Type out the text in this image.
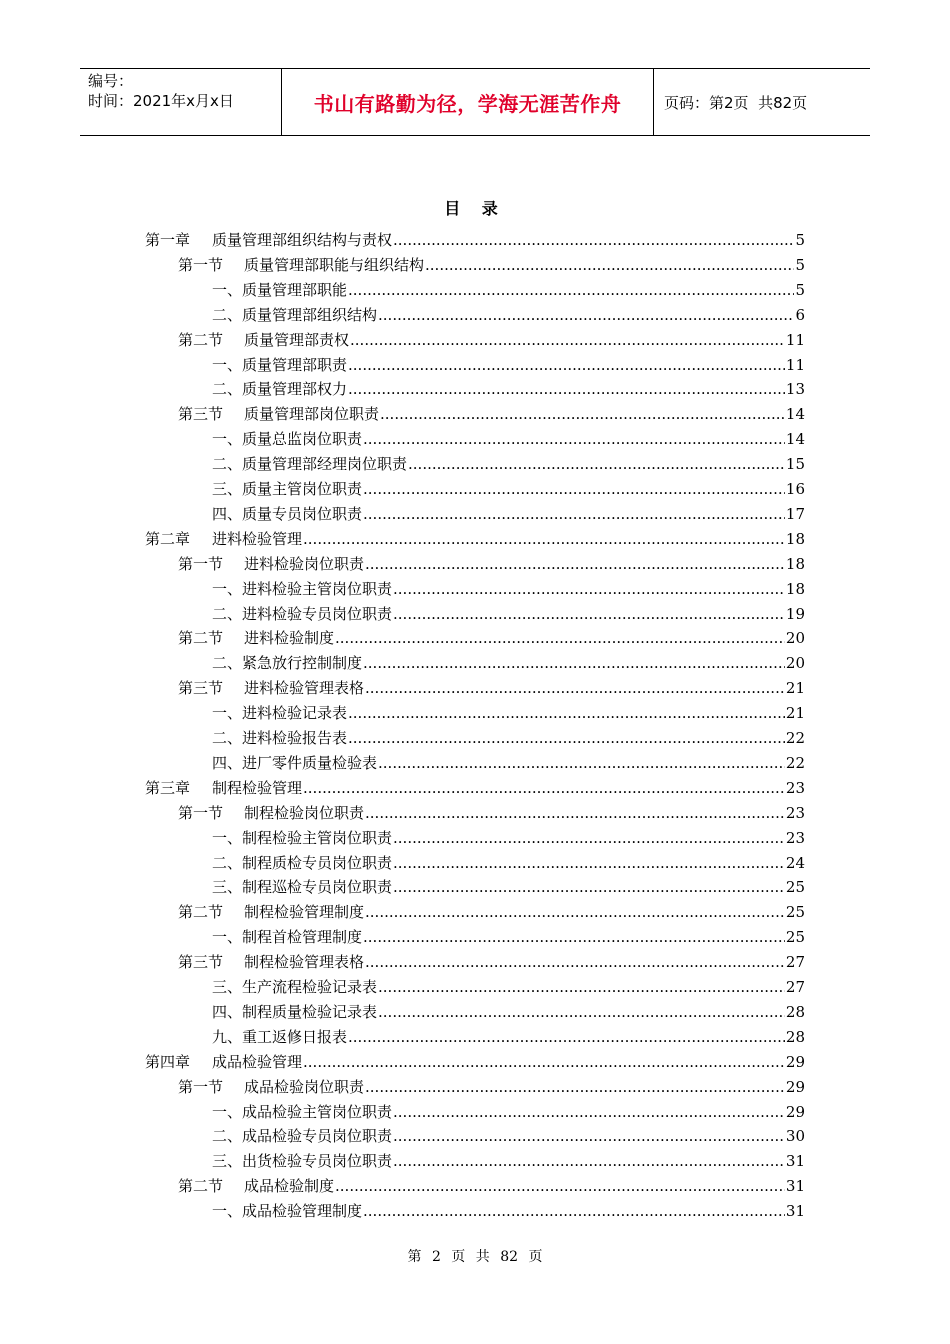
编号：
时间：2021年x月x日	书山有路勤为径，学海无涯苦作舟	页码：第2页  共82页
目 录
第一章	质量管理部组织结构与责权 .....	5
第一节	质量管理部职能与组织结构 .....	5
一、质量管理部职能 .....	5
二、质量管理部组织结构 .....	6
第二节	质量管理部责权 .....	11
一、质量管理部职责 .....	11
二、质量管理部权力 .....	13
第三节	质量管理部岗位职责 .....	14
一、质量总监岗位职责 .....	14
二、质量管理部经理岗位职责 .....	15
三、质量主管岗位职责 .....	16
四、质量专员岗位职责 .....	17
第二章	进料检验管理 .....	18
第一节	进料检验岗位职责 .....	18
一、进料检验主管岗位职责 .....	18
二、进料检验专员岗位职责 .....	19
第二节	进料检验制度 .....	20
二、紧急放行控制制度 .....	20
第三节	进料检验管理表格 .....	21
一、进料检验记录表 .....	21
二、进料检验报告表 .....	22
四、进厂零件质量检验表 .....	22
第三章	制程检验管理 .....	23
第一节	制程检验岗位职责 .....	23
一、制程检验主管岗位职责 .....	23
二、制程质检专员岗位职责 .....	24
三、制程巡检专员岗位职责 .....	25
第二节	制程检验管理制度 .....	25
一、制程首检管理制度 .....	25
第三节	制程检验管理表格 .....	27
三、生产流程检验记录表 .....	27
四、制程质量检验记录表 .....	28
九、重工返修日报表 .....	28
第四章	成品检验管理 .....	29
第一节	成品检验岗位职责 .....	29
一、成品检验主管岗位职责 .....	29
二、成品检验专员岗位职责 .....	30
三、出货检验专员岗位职责 .....	31
第二节	成品检验制度 .....	31
一、成品检验管理制度 .....	31
第 2 页 共 82 页
